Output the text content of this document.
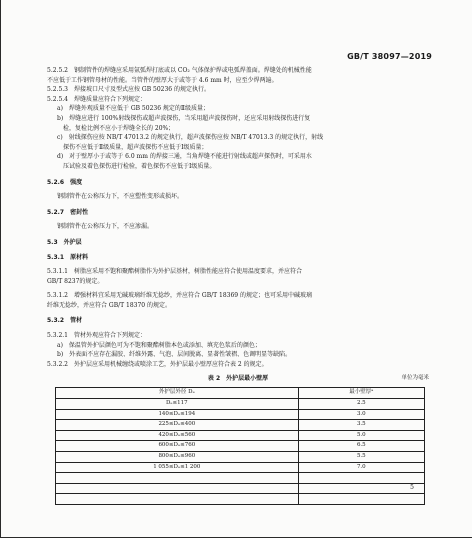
GB/T 38097—2019
5.2.5.2　钢制管件的焊缝应采用氩弧焊打底或以 CO₂ 气体保护焊或电弧焊盖面。焊缝处的机械性能
不应低于工作钢管母材的性能。当管件的壁厚大于或等于 4.6 mm 时，应至少焊两遍。
5.2.5.3　焊接坡口尺寸及型式应按 GB 50236 的规定执行。
5.2.5.4　焊缝质量应符合下列规定：
a)　焊缝外观质量不应低于 GB 50236 规定的Ⅱ级质量；
b)　焊缝应进行 100%射线探伤或超声波探伤，当采用超声波探伤时，还应采用射线探伤进行复
检，复检比例不应小于焊缝全长的 20%；
c)　射线探伤应按 NB/T 47013.2 的规定执行，超声波探伤应按 NB/T 47013.3 的规定执行，射线
探伤不应低于Ⅱ级质量，超声波探伤不应低于Ⅰ级质量；
d)　对于壁厚小于或等于 6.0 mm 的焊接三通，当角焊缝不能进行射线或超声探伤时，可采用水
压试验及着色探伤进行检验，着色探伤不应低于Ⅰ级质量。
5.2.6　强度
钢制管件在公称压力下，不应塑性变形或损坏。
5.2.7　密封性
钢制管件在公称压力下，不应渗漏。
5.3　外护层
5.3.1　原材料
5.3.1.1　树脂应采用不饱和聚酯树脂作为外护层基材，树脂性能应符合使用温度要求，并应符合
GB/T 8237的规定。
5.3.1.2　增强材料宜采用无碱玻璃纤维无捻纱，并应符合 GB/T 18369 的规定；也可采用中碱玻璃
纤维无捻纱，并应符合 GB/T 18370 的规定。
5.3.2　管材
5.3.2.1　管材外观应符合下列规定：
a)　保温管外护层颜色可为不饱和聚酯树脂本色或添加、填充色浆后的颜色；
b)　外表面不应存在漏胶、纤维外露、气泡、层间脱离、显著性皱褶、色调明显等缺陷。
5.3.2.2　外护层应采用机械缠绕或喷涂工艺，外护层最小壁厚应符合表 2 的规定。
表 2　外护层最小壁厚	单位为毫米
外护层外径 Dₑ	最小壁厚ᵃ
Dₑ≤117	2.5
140≤Dₑ≤194	3.0
225≤Dₑ≤400	3.5
420≤Dₑ≤560	5.0
600≤Dₑ≤760	6.5
800≤Dₑ≤960	5.5
1 055≤Dₑ≤1 200	7.0

5
